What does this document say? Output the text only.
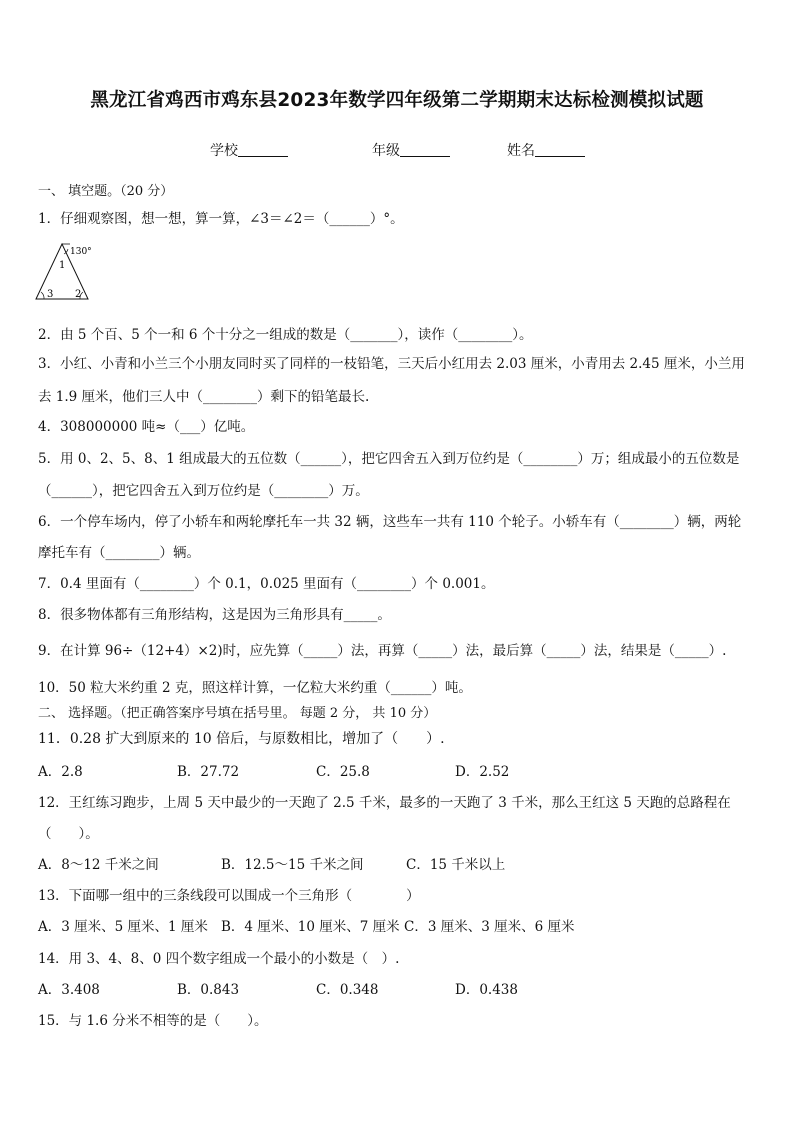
黑龙江省鸡西市鸡东县2023年数学四年级第二学期期末达标检测模拟试题
学校	年级	姓名
一、 填空题。（20 分）
1．仔细观察图，想一想，算一算，∠3＝∠2＝（______）°。
130°
1
2
3
2．由 5 个百、5 个一和 6 个十分之一组成的数是（_______），读作（________）。
3．小红、小青和小兰三个小朋友同时买了同样的一枝铅笔，三天后小红用去 2.03 厘米，小青用去 2.45 厘米，小兰用
去 1.9 厘米，他们三人中（________）剩下的铅笔最长.
4．308000000 吨≈（___）亿吨。
5．用 0、2、5、8、1 组成最大的五位数（______），把它四舍五入到万位约是（________）万；组成最小的五位数是
（______），把它四舍五入到万位约是（________）万。
6．一个停车场内，停了小轿车和两轮摩托车一共 32 辆，这些车一共有 110 个轮子。小轿车有（________）辆，两轮
摩托车有（________）辆。
7．0.4 里面有（________）个 0.1，0.025 里面有（________）个 0.001。
8．很多物体都有三角形结构，这是因为三角形具有_____。
9．在计算 96÷（12+4）×2)时，应先算（_____）法，再算（_____）法，最后算（_____）法，结果是（_____）.
10．50 粒大米约重 2 克，照这样计算，一亿粒大米约重（______）吨。
二、 选择题。（把正确答案序号填在括号里。 每题 2 分， 共 10 分）
11．0.28 扩大到原来的 10 倍后，与原数相比，增加了（　　）.
A．2.8	B．27.72	C．25.8	D．2.52
12．王红练习跑步，上周 5 天中最少的一天跑了 2.5 千米，最多的一天跑了 3 千米，那么王红这 5 天跑的总路程在
（　　）。
A．8～12 千米之间	B．12.5～15 千米之间	C．15 千米以上
13．下面哪一组中的三条线段可以围成一个三角形（　　　　）
A．3 厘米、5 厘米、1 厘米 B．4 厘米、10 厘米、7 厘米 C．3 厘米、3 厘米、6 厘米
14．用 3、4、8、0 四个数字组成一个最小的小数是（　）.
A．3.408	B．0.843	C．0.348	D．0.438
15．与 1.6 分米不相等的是（　　）。
